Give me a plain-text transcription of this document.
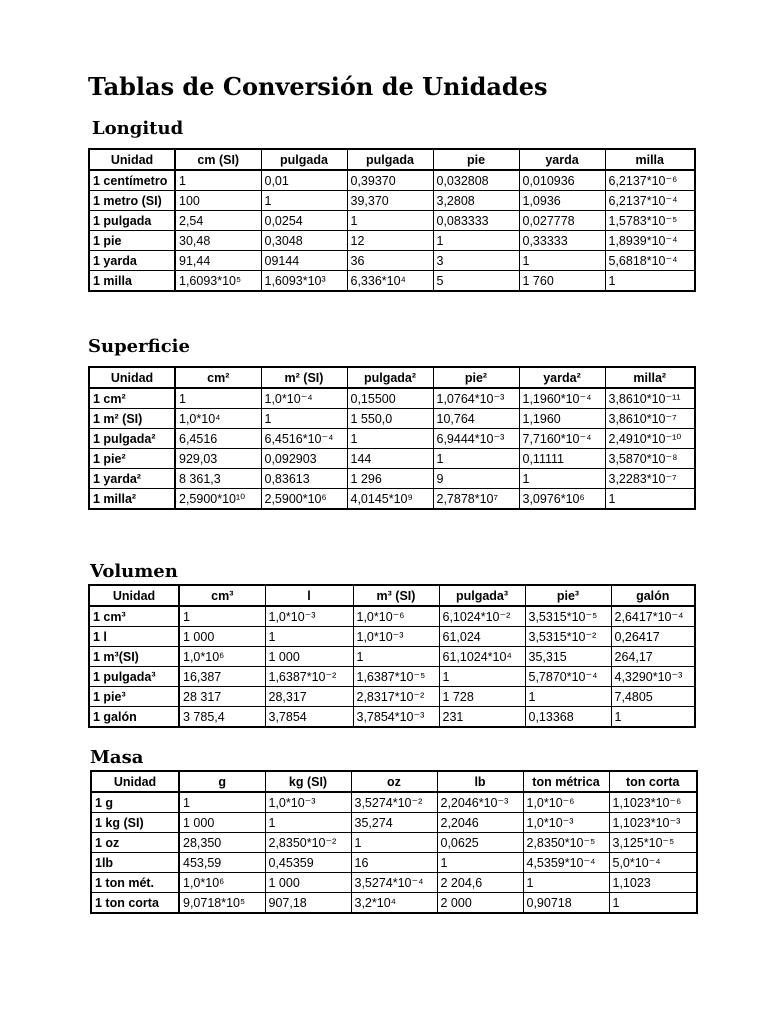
Tablas de Conversión de Unidades
Longitud
Unidad	cm (SI)	pulgada	pulgada	pie	yarda	milla
1 centímetro	1	0,01	0,39370	0,032808	0,010936	6,2137*10⁻⁶
1 metro (SI)	100	1	39,370	3,2808	1,0936	6,2137*10⁻⁴
1 pulgada	2,54	0,0254	1	0,083333	0,027778	1,5783*10⁻⁵
1 pie	30,48	0,3048	12	1	0,33333	1,8939*10⁻⁴
1 yarda	91,44	09144	36	3	1	5,6818*10⁻⁴
1 milla	1,6093*10⁵	1,6093*10³	6,336*10⁴	5	1 760	1
Superficie
Unidad	cm²	m² (SI)	pulgada²	pie²	yarda²	milla²
1 cm²	1	1,0*10⁻⁴	0,15500	1,0764*10⁻³	1,1960*10⁻⁴	3,8610*10⁻¹¹
1 m² (SI)	1,0*10⁴	1	1 550,0	10,764	1,1960	3,8610*10⁻⁷
1 pulgada²	6,4516	6,4516*10⁻⁴	1	6,9444*10⁻³	7,7160*10⁻⁴	2,4910*10⁻¹⁰
1 pie²	929,03	0,092903	144	1	0,11111	3,5870*10⁻⁸
1 yarda²	8 361,3	0,83613	1 296	9	1	3,2283*10⁻⁷
1 milla²	2,5900*10¹⁰	2,5900*10⁶	4,0145*10⁹	2,7878*10⁷	3,0976*10⁶	1
Volumen
Unidad	cm³	l	m³ (SI)	pulgada³	pie³	galón
1 cm³	1	1,0*10⁻³	1,0*10⁻⁶	6,1024*10⁻²	3,5315*10⁻⁵	2,6417*10⁻⁴
1 l	1 000	1	1,0*10⁻³	61,024	3,5315*10⁻²	0,26417
1 m³(SI)	1,0*10⁶	1 000	1	61,1024*10⁴	35,315	264,17
1 pulgada³	16,387	1,6387*10⁻²	1,6387*10⁻⁵	1	5,7870*10⁻⁴	4,3290*10⁻³
1 pie³	28 317	28,317	2,8317*10⁻²	1 728	1	7,4805
1 galón	3 785,4	3,7854	3,7854*10⁻³	231	0,13368	1
Masa
Unidad	g	kg (SI)	oz	lb	ton métrica	ton corta
1 g	1	1,0*10⁻³	3,5274*10⁻²	2,2046*10⁻³	1,0*10⁻⁶	1,1023*10⁻⁶
1 kg (SI)	1 000	1	35,274	2,2046	1,0*10⁻³	1,1023*10⁻³
1 oz	28,350	2,8350*10⁻²	1	0,0625	2,8350*10⁻⁵	3,125*10⁻⁵
1lb	453,59	0,45359	16	1	4,5359*10⁻⁴	5,0*10⁻⁴
1 ton mét.	1,0*10⁶	1 000	3,5274*10⁻⁴	2 204,6	1	1,1023
1 ton corta	9,0718*10⁵	907,18	3,2*10⁴	2 000	0,90718	1
